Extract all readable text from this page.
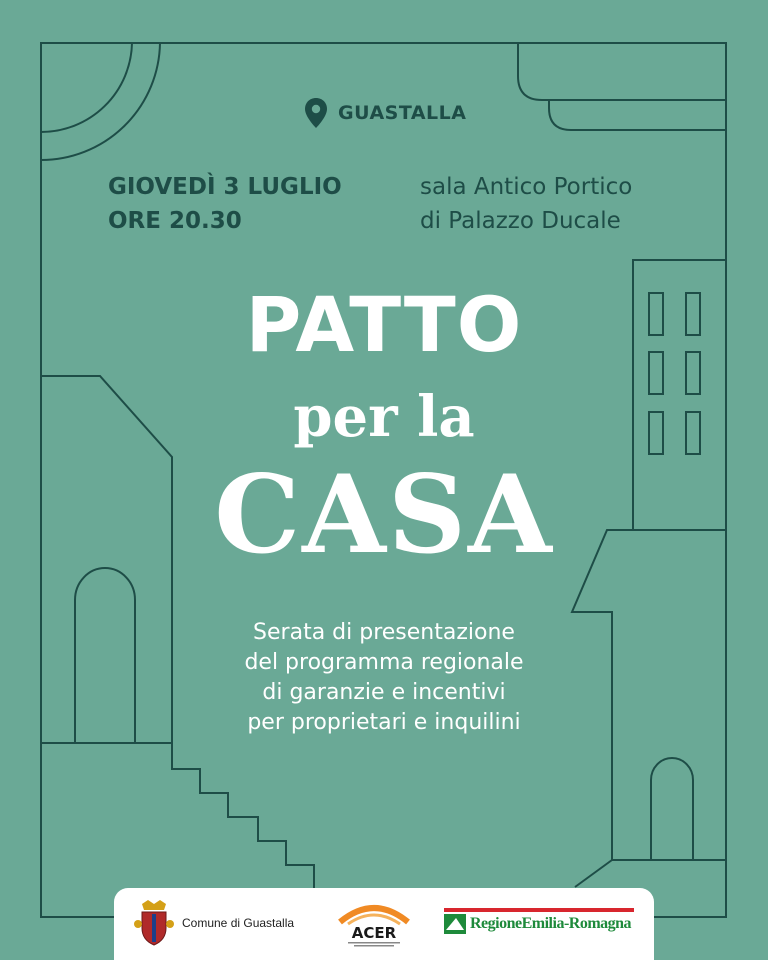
GUASTALLA
GIOVEDÌ 3 LUGLIO
ORE 20.30
sala Antico Portico
di Palazzo Ducale
PATTO
per la
CASA
Serata di presentazione
del programma regionale
di garanzie e incentivi
per proprietari e inquilini
Comune di Guastalla
ACER
RegioneEmilia-Romagna
